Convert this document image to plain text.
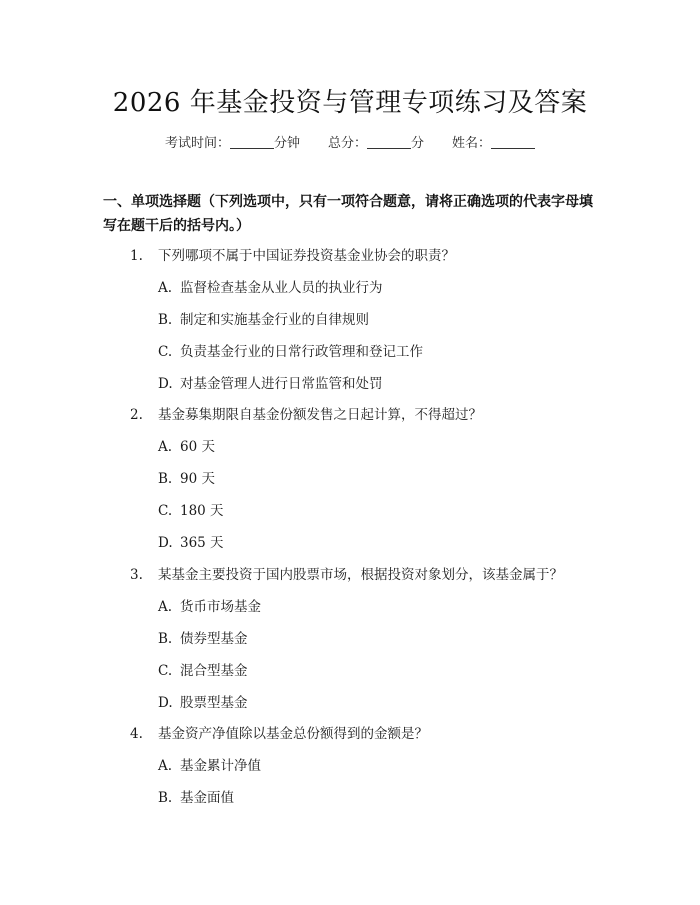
2026 年基金投资与管理专项练习及答案
考试时间：	分钟 总分：	分 姓名：
一、单项选择题（下列选项中，只有一项符合题意，请将正确选项的代表字母填写在题干后的括号内。）
1. 下列哪项不属于中国证券投资基金业协会的职责？
A. 监督检查基金从业人员的执业行为
B. 制定和实施基金行业的自律规则
C. 负责基金行业的日常行政管理和登记工作
D. 对基金管理人进行日常监管和处罚
2. 基金募集期限自基金份额发售之日起计算，不得超过？
A. 60 天
B. 90 天
C. 180 天
D. 365 天
3. 某基金主要投资于国内股票市场，根据投资对象划分，该基金属于？
A. 货币市场基金
B. 债券型基金
C. 混合型基金
D. 股票型基金
4. 基金资产净值除以基金总份额得到的金额是？
A. 基金累计净值
B. 基金面值
